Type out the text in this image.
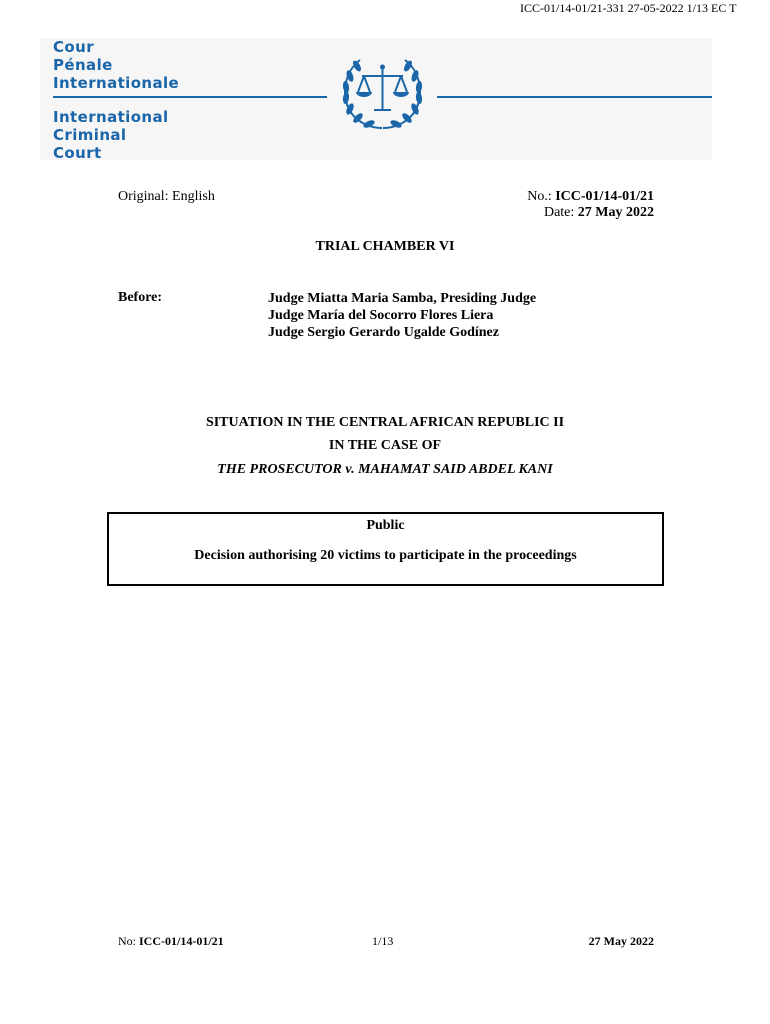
ICC-01/14-01/21-331 27-05-2022 1/13 EC T
Cour
Pénale
Internationale
International
Criminal
Court
Original: English	No.: ICC-01/14-01/21
Date: 27 May 2022
TRIAL CHAMBER VI
Before:	Judge Miatta Maria Samba, Presiding Judge
Judge María del Socorro Flores Liera
Judge Sergio Gerardo Ugalde Godínez
SITUATION IN THE CENTRAL AFRICAN REPUBLIC II
IN THE CASE OF
THE PROSECUTOR v. MAHAMAT SAID ABDEL KANI
Public
Decision authorising 20 victims to participate in the proceedings
No: ICC-01/14-01/21	1/13	27 May 2022
